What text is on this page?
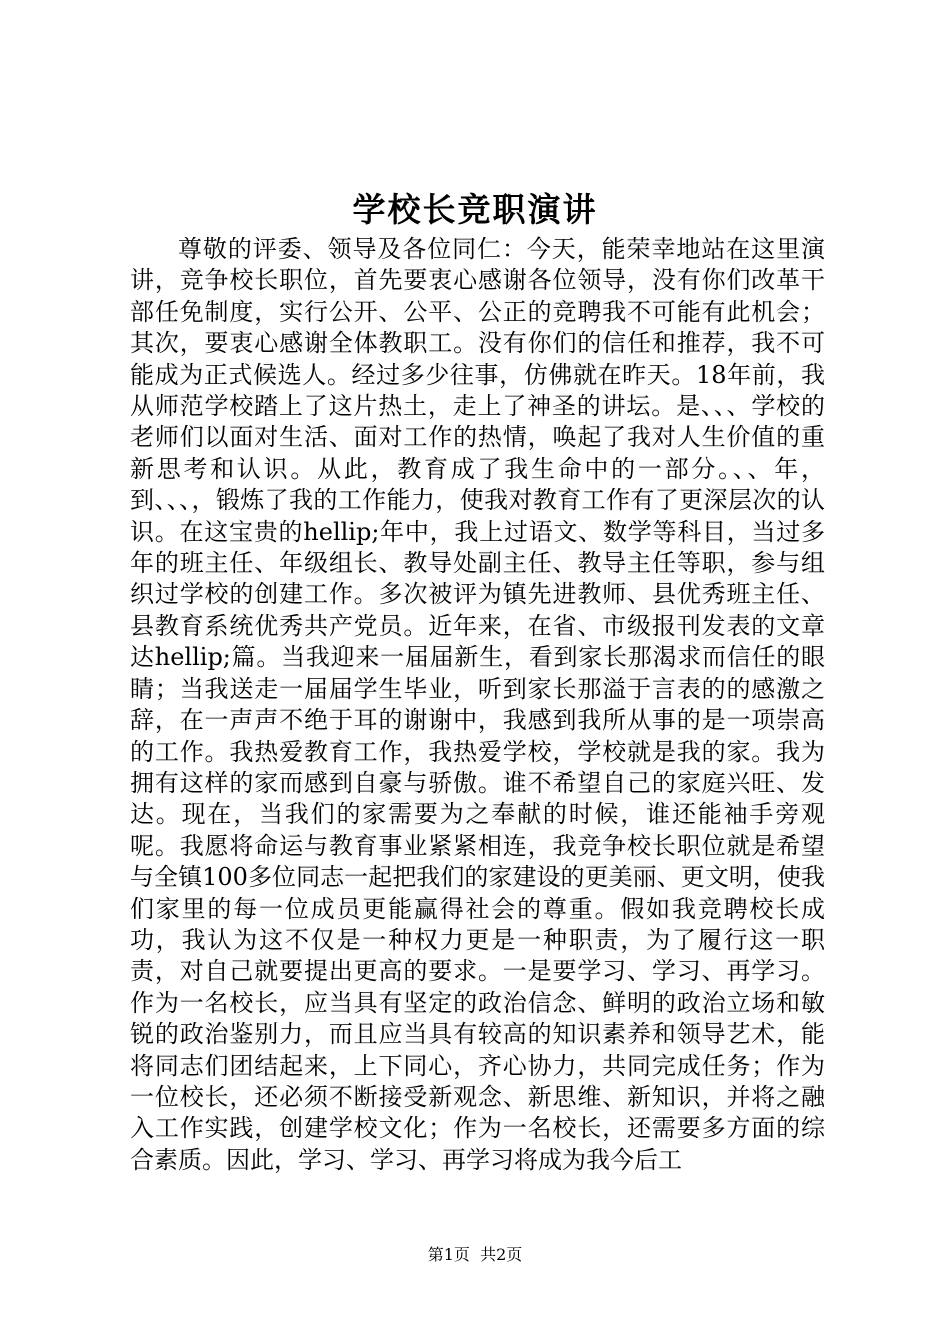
学校长竞职演讲

尊敬的评委、领导及各位同仁：今天，能荣幸地站在这里演讲，竞争校长职位，首先要衷心感谢各位领导，没有你们改革干部任免制度，实行公开、公平、公正的竞聘我不可能有此机会；其次，要衷心感谢全体教职工。没有你们的信任和推荐，我不可能成为正式候选人。经过多少往事，仿佛就在昨天。18年前，我从师范学校踏上了这片热土，走上了神圣的讲坛。是、、、学校的老师们以面对生活、面对工作的热情，唤起了我对人生价值的重新思考和认识。从此，教育成了我生命中的一部分。、、年，到、、、，锻炼了我的工作能力，使我对教育工作有了更深层次的认识。在这宝贵的hellip;年中，我上过语文、数学等科目，当过多年的班主任、年级组长、教导处副主任、教导主任等职，参与组织过学校的创建工作。多次被评为镇先进教师、县优秀班主任、县教育系统优秀共产党员。近年来，在省、市级报刊发表的文章达hellip;篇。当我迎来一届届新生，看到家长那渴求而信任的眼睛；当我送走一届届学生毕业，听到家长那溢于言表的的感激之辞，在一声声不绝于耳的谢谢中，我感到我所从事的是一项崇高的工作。我热爱教育工作，我热爱学校，学校就是我的家。我为拥有这样的家而感到自豪与骄傲。谁不希望自己的家庭兴旺、发达。现在，当我们的家需要为之奉献的时候，谁还能袖手旁观呢。我愿将命运与教育事业紧紧相连，我竞争校长职位就是希望与全镇100多位同志一起把我们的家建设的更美丽、更文明，使我们家里的每一位成员更能赢得社会的尊重。假如我竞聘校长成功，我认为这不仅是一种权力更是一种职责，为了履行这一职责，对自己就要提出更高的要求。一是要学习、学习、再学习。作为一名校长，应当具有坚定的政治信念、鲜明的政治立场和敏锐的政治鉴别力，而且应当具有较高的知识素养和领导艺术，能将同志们团结起来，上下同心，齐心协力，共同完成任务；作为一位校长，还必须不断接受新观念、新思维、新知识，并将之融入工作实践，创建学校文化；作为一名校长，还需要多方面的综合素质。因此，学习、学习、再学习将成为我今后工

第1页 共2页
